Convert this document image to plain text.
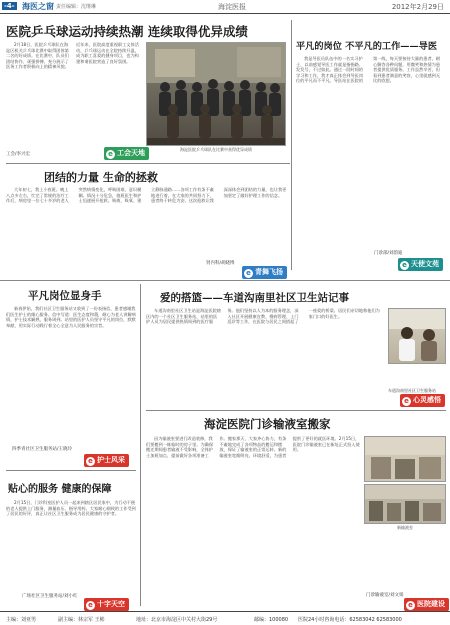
-4- 海医之窗 责任编辑：沈继琳	海淀医报	2012年2月29日
医院乒乓球运动持续热潮 连续取得优异成绩

2月18日，医院乒乓球队在海淀区机关乒乓球比赛中取得团体第二名的好成绩。在比赛中，队员们团结协作、顽强拼搏，充分展示了医务工作者积极向上的精神风貌。近年来，医院高度重视职工文体活动，乒乓球运动在全院持续升温，成为职工喜爱的健身项目，也为构建和谐医院营造了良好氛围。

工会/李兴宏	e 工会天地	海淀医院乒乓球队在比赛中获得优异成绩
平凡的岗位 不平凡的工作——导医

我是导医员队伍中的一名实习护士，以前感觉导医工作就是指指路、发发号，不过如此。通过一段时间的学习和工作，我才真正体会到导医岗位的平凡而不平凡。导医站在医院的第一线，每天要接待大量的患者，耐心解答各种问题，用微笑和热情为患者提供优质服务。工作虽然辛苦，但看到患者满意的笑容，心里就感到无比的欣慰。

门诊部/刘韵迪
e 天使文苑
团结的力量 生命的拯救

大年初七，我上小夜班。晚上八点多左右，忙完了常规的治疗工作后，病房里一位七十多岁的老人突然病情变化，呼吸困难，意识模糊。情况十分危急，值班医生和护士迅速展开抢救。吸痰、吸氧、建立静脉通路……各项工作有条不紊地进行着。在大家的共同努力下，患者终于转危为安。这次抢救让我深深体会到团结的力量，也让我更加坚定了做好护理工作的信念。

肾内科/胡晓博
e 青舞飞扬
平凡岗位显身手

新春伊始，我们社区卫生服务站又收到了一份表扬信，患者感谢我们医生护士的细心服务。信中写道：医生态度和蔼，耐心为老人讲解病情，护士技术娴熟，服务周到。站里的医护人员坚守平凡的岗位，默默奉献，用实际行动践行着全心全意为人民服务的宗旨。

四季青社区卫生服务站/王晓玲
e 护士风采
贴心的服务 健康的保障

2月15日，门诊科室医护人员一起来到辖区居民家中，为行动不便的老人提供上门服务，测量血压、指导用药。大家耐心细致的工作受到了居民的好评，真正让社区卫生服务成为居民健康的守护者。

广场社区卫生服务站/刘小红
e 十字天空
爱的搭篮——车道沟南里社区卫生站记事

车道沟南里社区卫生站是海淀医院辖区内的一个社区卫生服务站，站里的医护人员为居民提供热情周到的医疗服务。他们坚持以人为本的服务理念，深入社区开展健康宣教、慢病管理、上门巡诊等工作，在医院与居民之间搭起了一座爱的桥梁。居民们亲切地称他们为家门口的好医生。

车道沟南里社区卫生服务站
e 心灵感悟
海淀医院门诊输液室搬家

因为输液室要进行改造装修，我们要搬到一栋临时的房子里。为确保搬迁期间患者输液不受影响，全体护士加班加点，提前做好各项准备工作。搬家那天，大家齐心协力，有条不紊地完成了各项物品的搬运和摆放，保证了输液室的正常运转。新的输液室宽敞明亮，环境舒适，为患者提供了更好的就医环境。2月15日，医院门诊输液室已在新址正式投入使用。

新输液室
门诊输液室/刘文娟
e 医院建设
主编：刘亚男	副主编：林宗军 王彬	地址：北京市海淀区中关村大街29号	邮编：100080 医院24小时咨询电话：62583042 62583000
